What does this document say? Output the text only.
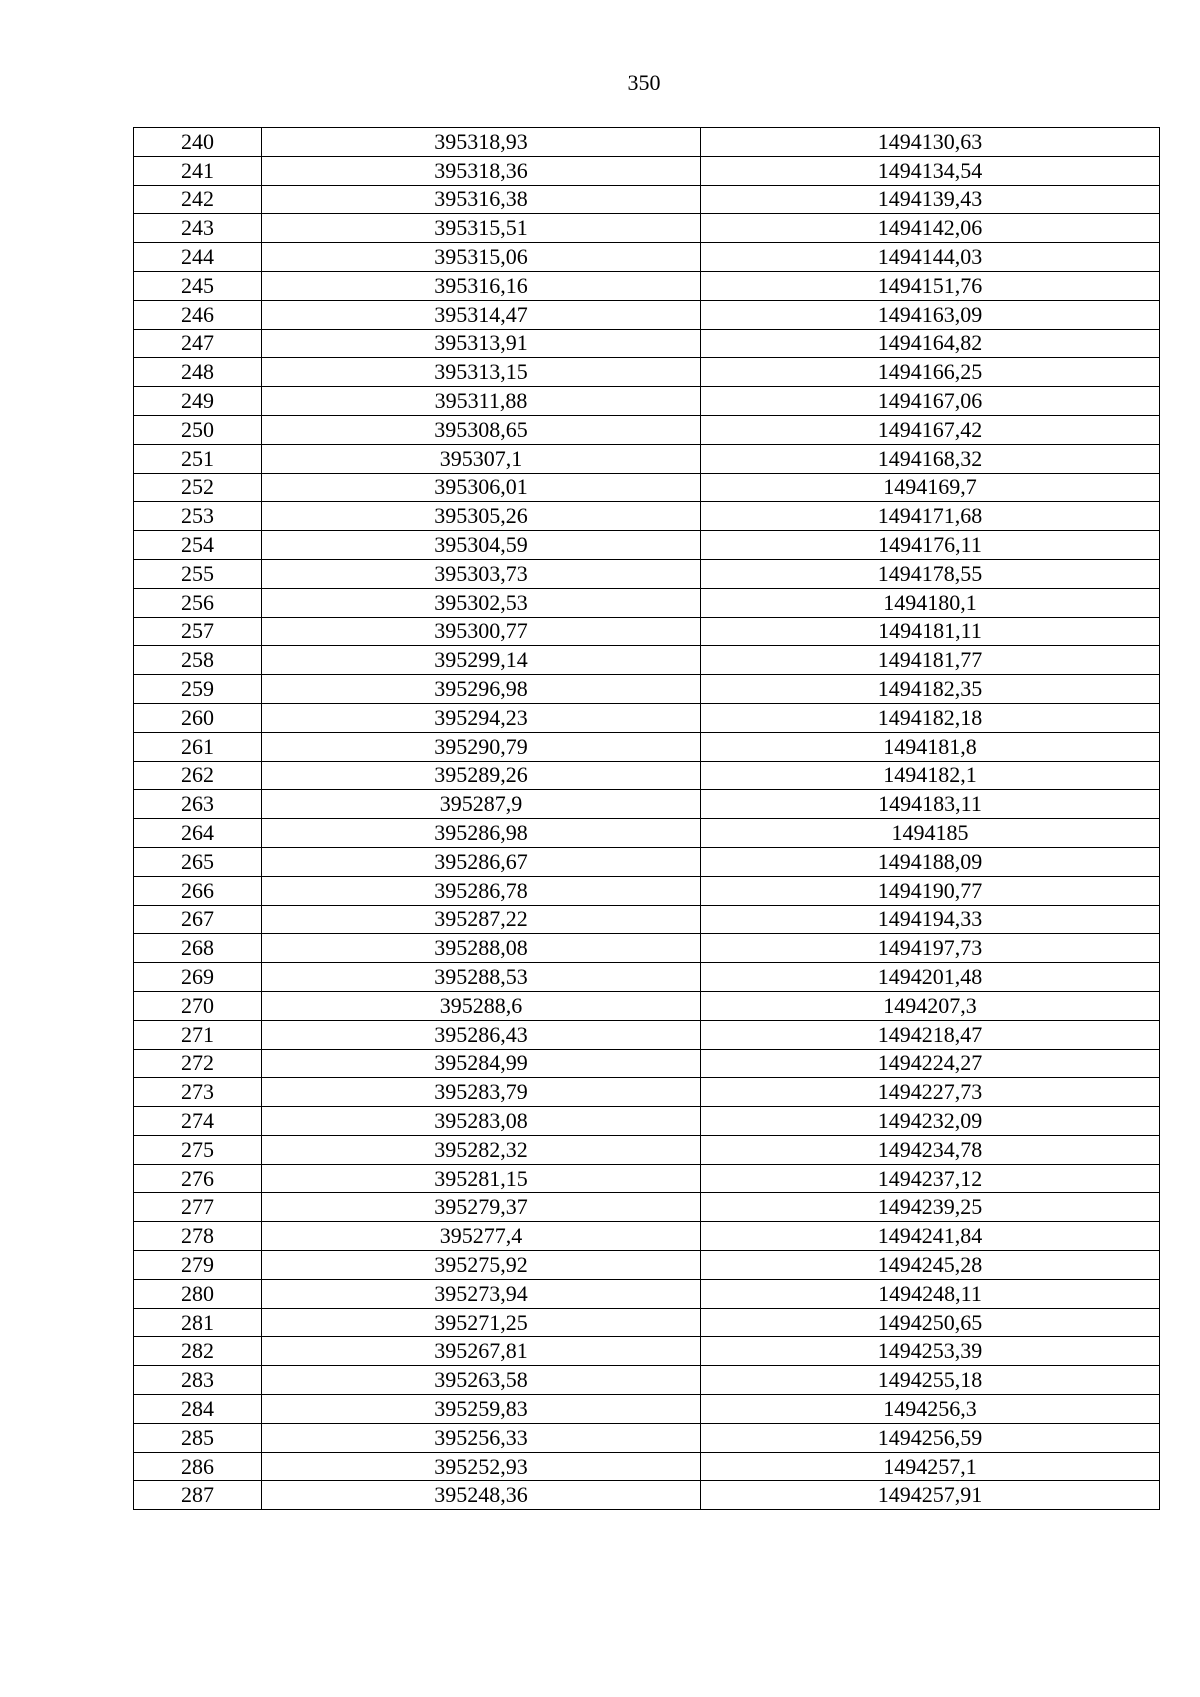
350
240	395318,93	1494130,63
241	395318,36	1494134,54
242	395316,38	1494139,43
243	395315,51	1494142,06
244	395315,06	1494144,03
245	395316,16	1494151,76
246	395314,47	1494163,09
247	395313,91	1494164,82
248	395313,15	1494166,25
249	395311,88	1494167,06
250	395308,65	1494167,42
251	395307,1	1494168,32
252	395306,01	1494169,7
253	395305,26	1494171,68
254	395304,59	1494176,11
255	395303,73	1494178,55
256	395302,53	1494180,1
257	395300,77	1494181,11
258	395299,14	1494181,77
259	395296,98	1494182,35
260	395294,23	1494182,18
261	395290,79	1494181,8
262	395289,26	1494182,1
263	395287,9	1494183,11
264	395286,98	1494185
265	395286,67	1494188,09
266	395286,78	1494190,77
267	395287,22	1494194,33
268	395288,08	1494197,73
269	395288,53	1494201,48
270	395288,6	1494207,3
271	395286,43	1494218,47
272	395284,99	1494224,27
273	395283,79	1494227,73
274	395283,08	1494232,09
275	395282,32	1494234,78
276	395281,15	1494237,12
277	395279,37	1494239,25
278	395277,4	1494241,84
279	395275,92	1494245,28
280	395273,94	1494248,11
281	395271,25	1494250,65
282	395267,81	1494253,39
283	395263,58	1494255,18
284	395259,83	1494256,3
285	395256,33	1494256,59
286	395252,93	1494257,1
287	395248,36	1494257,91
